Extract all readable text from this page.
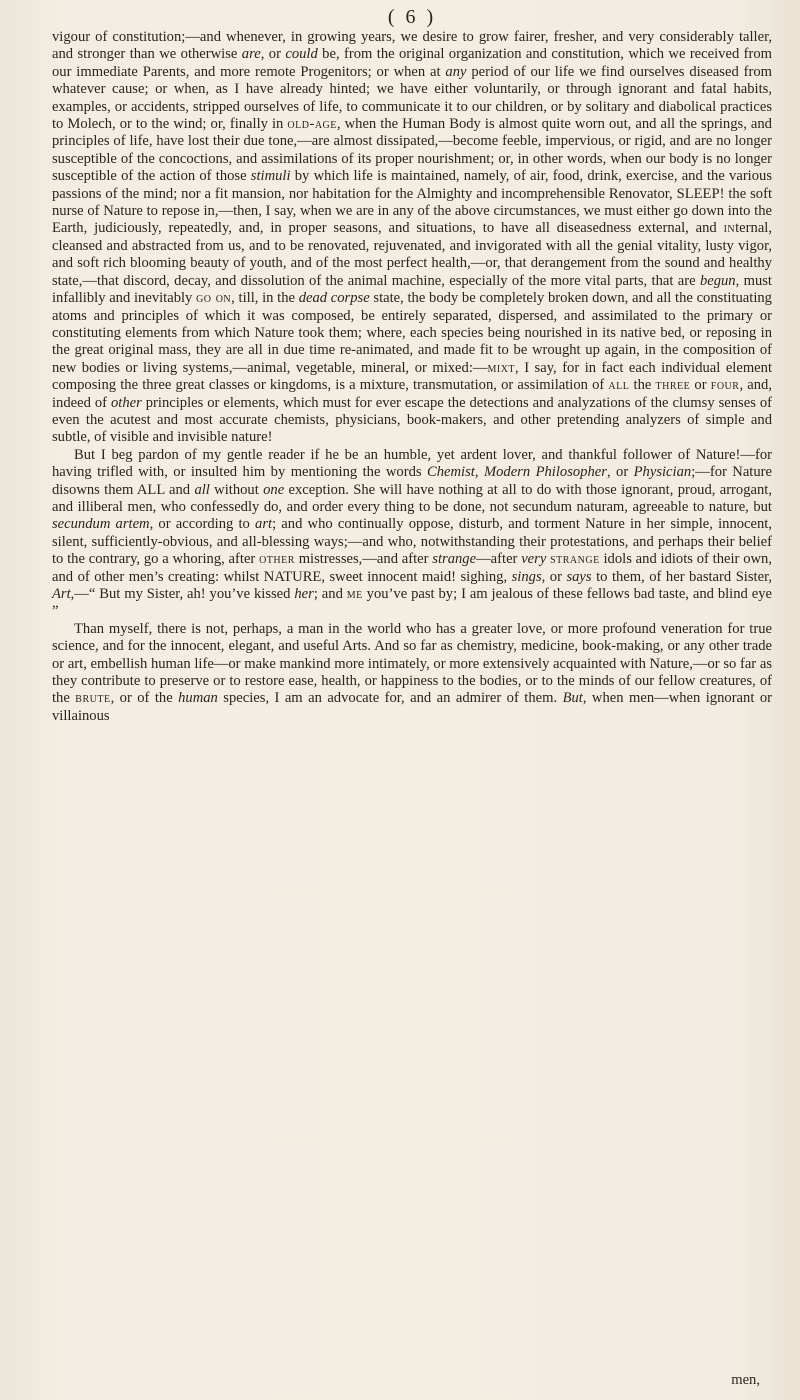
( 6 )
vigour of constitution;—and whenever, in growing years, we desire to grow fairer, fresher, and very considerably taller, and stronger than we otherwise are, or could be, from the original organization and constitution, which we received from our immediate Parents, and more remote Progenitors; or when at any period of our life we find ourselves diseased from whatever cause; or when, as I have already hinted; we have either voluntarily, or through ignorant and fatal habits, examples, or accidents, stripped ourselves of life, to communicate it to our children, or by solitary and diabolical practices to Molech, or to the wind; or, finally in old-age, when the Human Body is almost quite worn out, and all the springs, and principles of life, have lost their due tone,—are almost dissipated,—become feeble, impervious, or rigid, and are no longer susceptible of the concoctions, and assimilations of its proper nourishment; or, in other words, when our body is no longer susceptible of the action of those stimuli by which life is maintained, namely, of air, food, drink, exercise, and the various passions of the mind; nor a fit mansion, nor habitation for the Almighty and incomprehensible Renovator, SLEEP! the soft nurse of Nature to repose in,—then, I say, when we are in any of the above circumstances, we must either go down into the Earth, judiciously, repeatedly, and, in proper seasons, and situations, to have all diseasedness external, and internal, cleansed and abstracted from us, and to be renovated, rejuvenated, and invigorated with all the genial vitality, lusty vigor, and soft rich blooming beauty of youth, and of the most perfect health,—or, that derangement from the sound and healthy state,—that discord, decay, and dissolution of the animal machine, especially of the more vital parts, that are begun, must infallibly and inevitably go on, till, in the dead corpse state, the body be completely broken down, and all the constituating atoms and principles of which it was composed, be entirely separated, dispersed, and assimilated to the primary or constituting elements from which Nature took them; where, each species being nourished in its native bed, or reposing in the great original mass, they are all in due time re-animated, and made fit to be wrought up again, in the composition of new bodies or living systems,—animal, vegetable, mineral, or mixed:—mixt, I say, for in fact each individual element composing the three great classes or kingdoms, is a mixture, transmutation, or assimilation of all the three or four, and, indeed of other principles or elements, which must for ever escape the detections and analyzations of the clumsy senses of even the acutest and most accurate chemists, physicians, book-makers, and other pretending analyzers of simple and subtle, of visible and invisible nature!
But I beg pardon of my gentle reader if he be an humble, yet ardent lover, and thankful follower of Nature!—for having trifled with, or insulted him by mentioning the words Chemist, Modern Philosopher, or Physician;—for Nature disowns them ALL and all without one exception. She will have nothing at all to do with those ignorant, proud, arrogant, and illiberal men, who confessedly do, and order every thing to be done, not secundum naturam, agreeable to nature, but secundum artem, or according to art; and who continually oppose, disturb, and torment Nature in her simple, innocent, silent, sufficiently-obvious, and all-blessing ways;—and who, notwithstanding their protestations, and perhaps their belief to the contrary, go a whoring, after other mistresses,—and after strange—after very strange idols and idiots of their own, and of other men’s creating: whilst NATURE, sweet innocent maid! sighing, sings, or says to them, of her bastard Sister, Art,—“ But my Sister, ah! you’ve kissed her; and me you’ve past by; I am jealous of these fellows bad taste, and blind eye ”
Than myself, there is not, perhaps, a man in the world who has a greater love, or more profound veneration for true science, and for the innocent, elegant, and useful Arts. And so far as chemistry, medicine, book-making, or any other trade or art, embellish human life—or make mankind more intimately, or more extensively acquainted with Nature,—or so far as they contribute to preserve or to restore ease, health, or happiness to the bodies, or to the minds of our fellow creatures, of the brute, or of the human species, I am an advocate for, and an admirer of them. But, when men—when ignorant or villainous
men,
